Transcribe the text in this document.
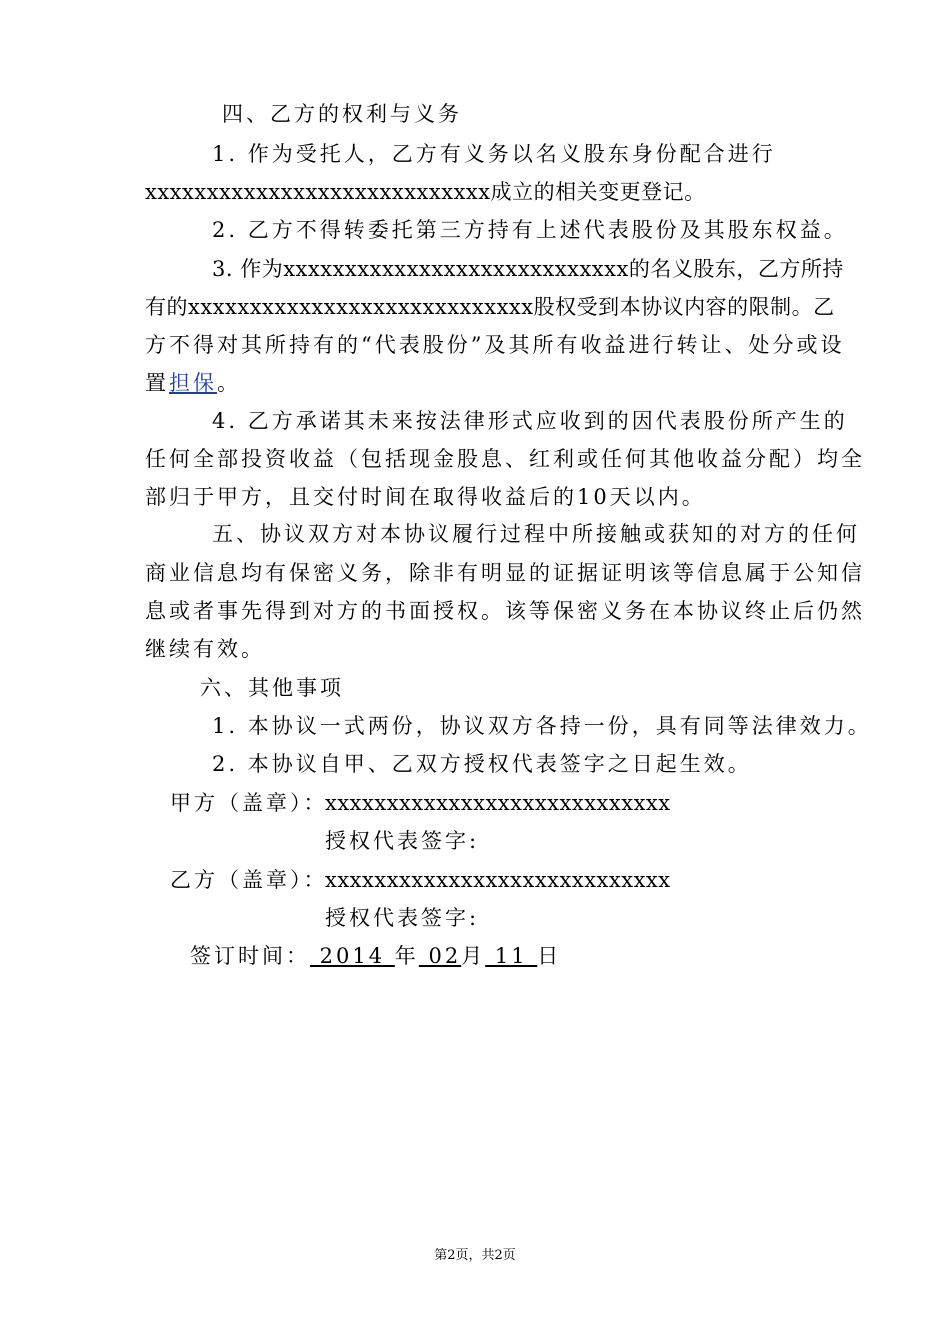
四、乙方的权利与义务
1. 作为受托人，乙方有义务以名义股东身份配合进行
xxxxxxxxxxxxxxxxxxxxxxxxxxxx成立的相关变更登记。
2. 乙方不得转委托第三方持有上述代表股份及其股东权益。
3. 作为xxxxxxxxxxxxxxxxxxxxxxxxxxxx的名义股东，乙方所持
有的xxxxxxxxxxxxxxxxxxxxxxxxxxxx股权受到本协议内容的限制。乙
方不得对其所持有的“代表股份”及其所有收益进行转让、处分或设
置担保。
4. 乙方承诺其未来按法律形式应收到的因代表股份所产生的
任何全部投资收益（包括现金股息、红利或任何其他收益分配）均全
部归于甲方，且交付时间在取得收益后的10天以内。
五、协议双方对本协议履行过程中所接触或获知的对方的任何
商业信息均有保密义务，除非有明显的证据证明该等信息属于公知信
息或者事先得到对方的书面授权。该等保密义务在本协议终止后仍然
继续有效。
六、其他事项
1. 本协议一式两份，协议双方各持一份，具有同等法律效力。
2. 本协议自甲、乙双方授权代表签字之日起生效。
甲方（盖章）：
xxxxxxxxxxxxxxxxxxxxxxxxxxxx
授权代表签字:
乙方（盖章）：
xxxxxxxxxxxxxxxxxxxxxxxxxxxx
授权代表签字:
签订时间： 2014 年 02月 11 日
第2页，共2页
